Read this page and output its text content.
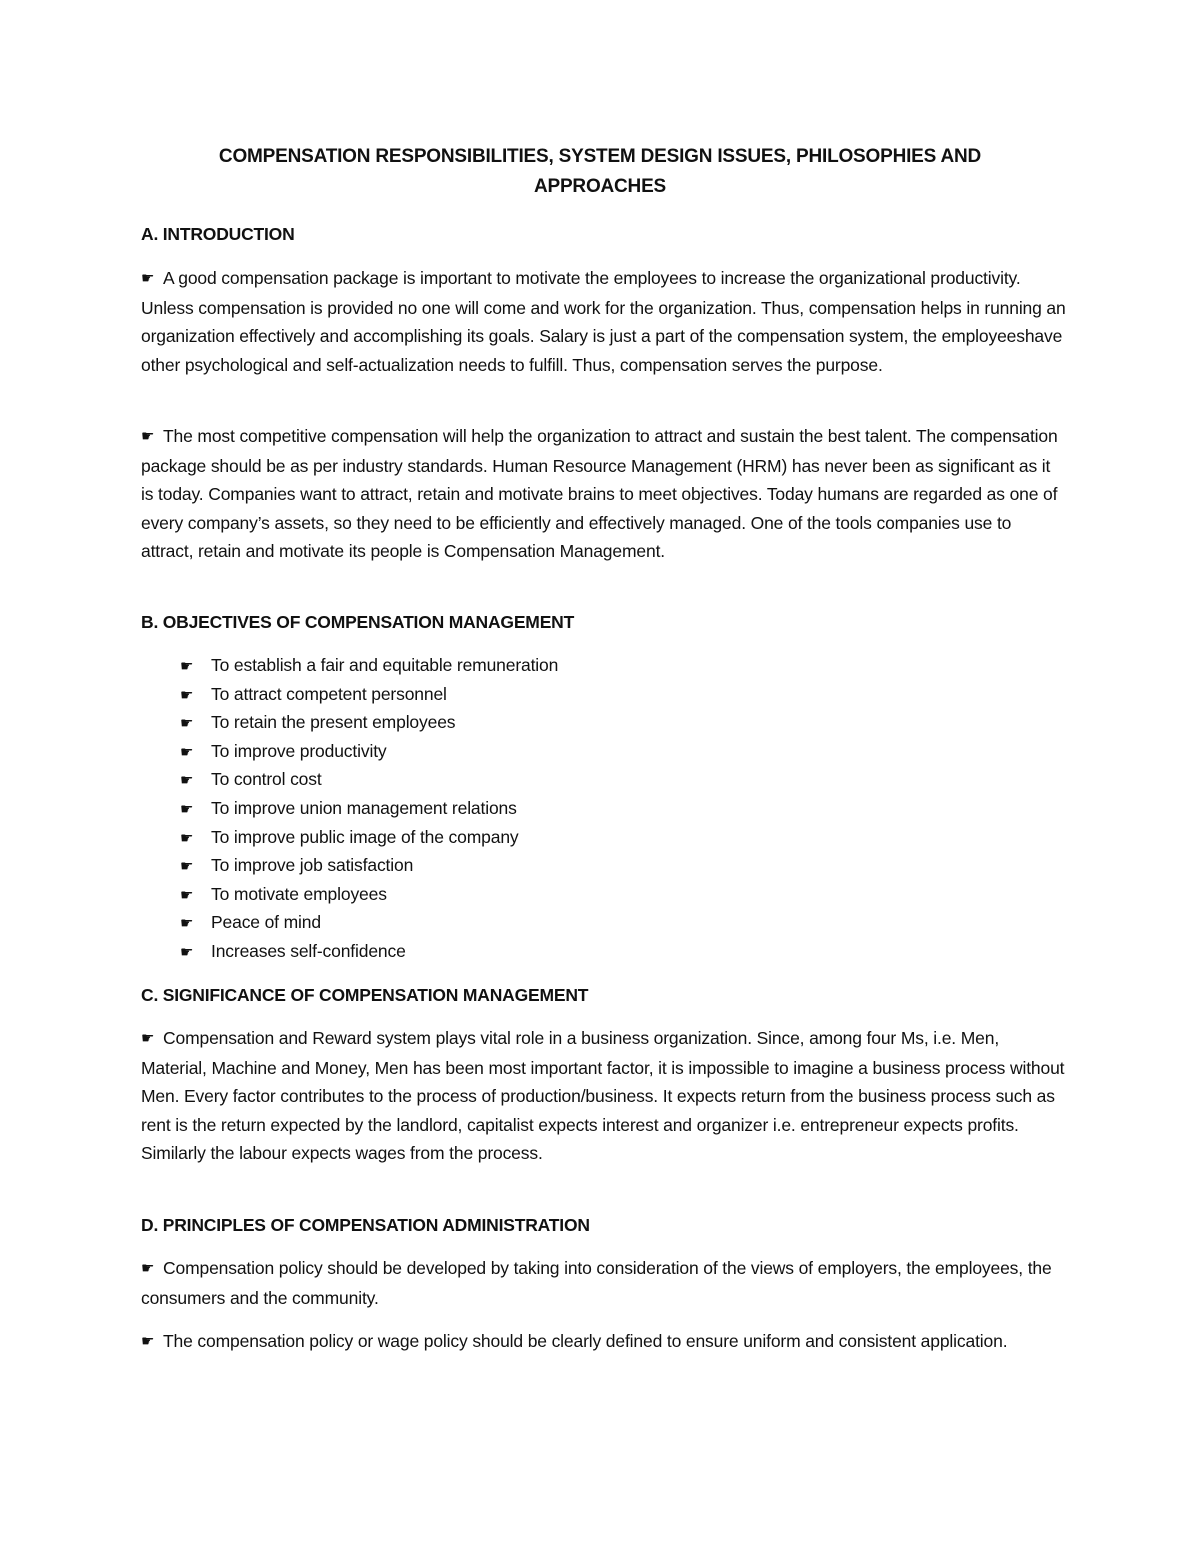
COMPENSATION RESPONSIBILITIES, SYSTEM DESIGN ISSUES, PHILOSOPHIES AND
APPROACHES
A. INTRODUCTION
☛ A good compensation package is important to motivate the employees to increase the organizational productivity. Unless compensation is provided no one will come and work for the organization. Thus, compensation helps in running an organization effectively and accomplishing its goals. Salary is just a part of the compensation system, the employeeshave other psychological and self-actualization needs to fulfill. Thus, compensation serves the purpose.
☛ The most competitive compensation will help the organization to attract and sustain the best talent. The compensation package should be as per industry standards. Human Resource Management (HRM) has never been as significant as it is today. Companies want to attract, retain and motivate brains to meet objectives. Today humans are regarded as one of every company’s assets, so they need to be efficiently and effectively managed. One of the tools companies use to attract, retain and motivate its people is Compensation Management.
B. OBJECTIVES OF COMPENSATION MANAGEMENT
☛	To establish a fair and equitable remuneration
☛	To attract competent personnel
☛	To retain the present employees
☛	To improve productivity
☛	To control cost
☛	To improve union management relations
☛	To improve public image of the company
☛	To improve job satisfaction
☛	To motivate employees
☛	Peace of mind
☛	Increases self-confidence
C. SIGNIFICANCE OF COMPENSATION MANAGEMENT
☛ Compensation and Reward system plays vital role in a business organization. Since, among four Ms, i.e. Men, Material, Machine and Money, Men has been most important factor, it is impossible to imagine a business process without Men. Every factor contributes to the process of production/business. It expects return from the business process such as rent is the return expected by the landlord, capitalist expects interest and organizer i.e. entrepreneur expects profits. Similarly the labour expects wages from the process.
D. PRINCIPLES OF COMPENSATION ADMINISTRATION
☛ Compensation policy should be developed by taking into consideration of the views of employers, the employees, the consumers and the community.
☛ The compensation policy or wage policy should be clearly defined to ensure uniform and consistent application.
